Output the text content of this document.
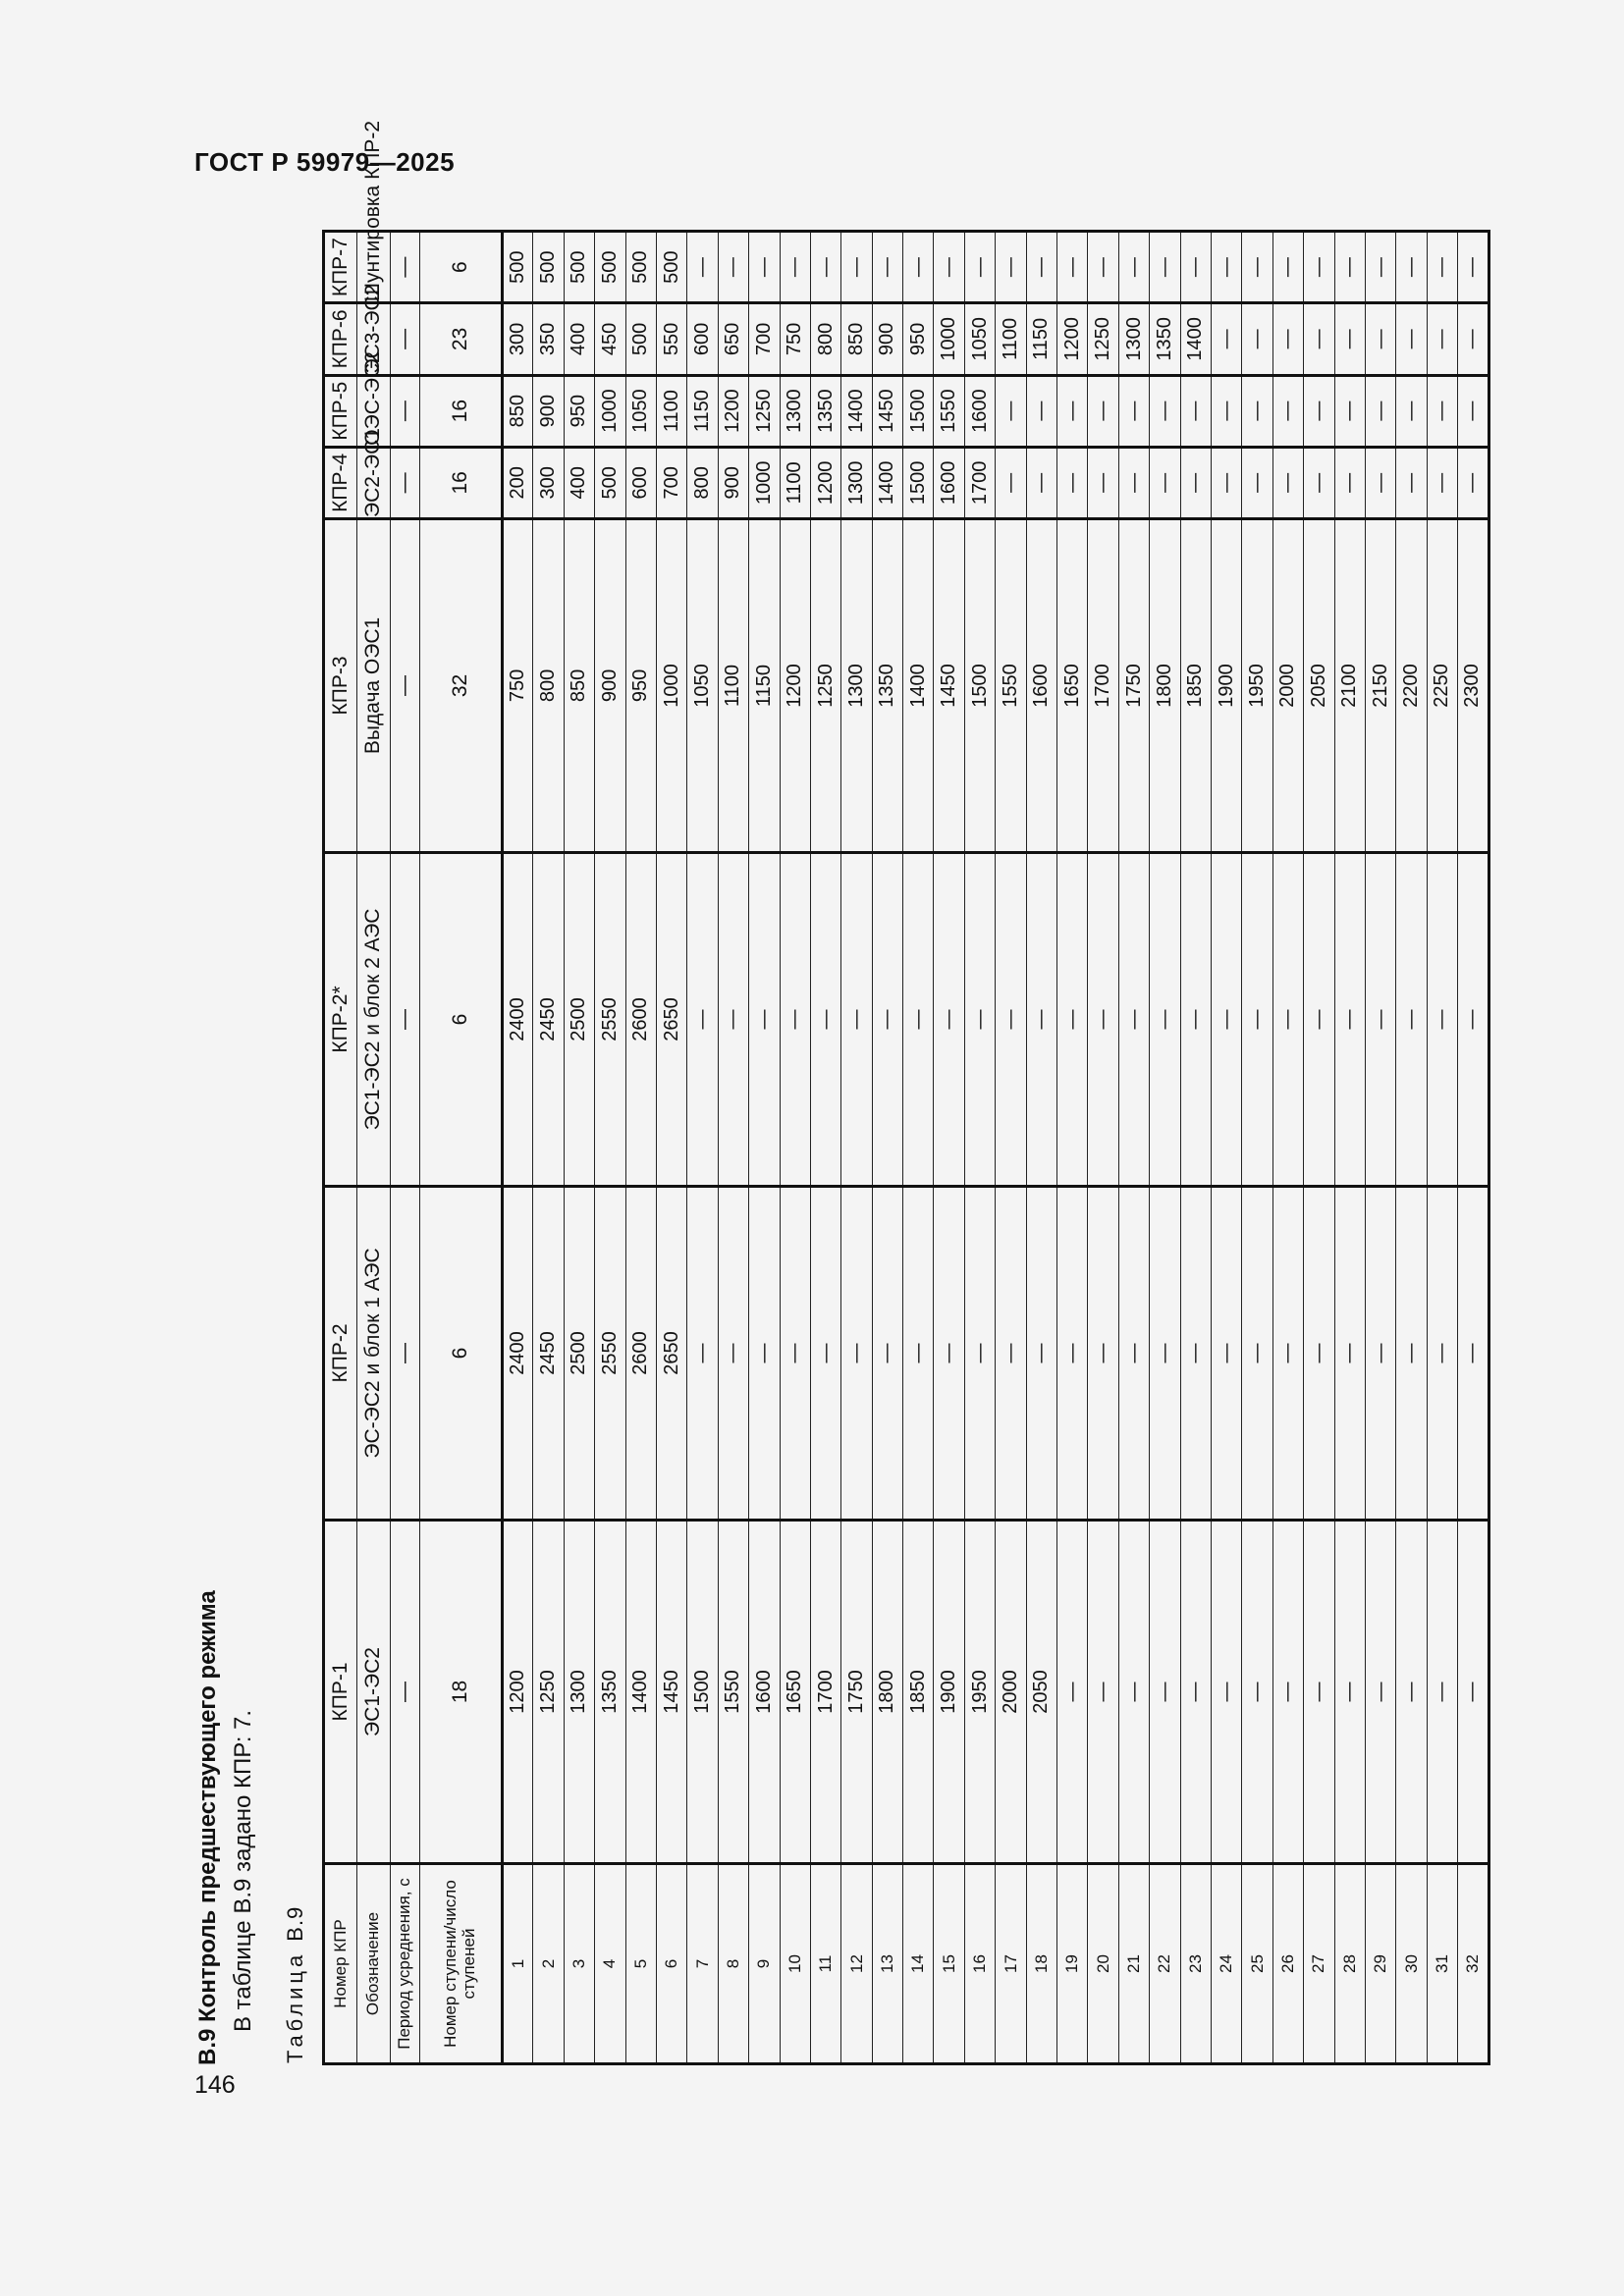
ГОСТ Р 59979—2025
В.9 Контроль предшествующего режима В таблице В.9 задано КПР: 7. ТаблицаВ.9 Номер КПР	КПР-1	КПР-2	КПР-2*	КПР-3	КПР-4	КПР-5	КПР-6	КПР-7
Обозначение	ЭС1-ЭС2	ЭС-ЭС2 и блок 1 АЭС	ЭС1-ЭС2 и блок 2 АЭС	Выдача ОЭС1	ЭС2-ЭС1	ОЭС-ЭС2	ЭС3-ЭС2	Шунтировка КПР-2
Период усреднения, с	—	—	—	—	—	—	—	—
Номер ступени/число ступеней	18	6	6	32	16	16	23	6
1	1200	2400	2400	750	200	850	300	500
2	1250	2450	2450	800	300	900	350	500
3	1300	2500	2500	850	400	950	400	500
4	1350	2550	2550	900	500	1000	450	500
5	1400	2600	2600	950	600	1050	500	500
6	1450	2650	2650	1000	700	1100	550	500
7	1500	—	—	1050	800	1150	600	—
8	1550	—	—	1100	900	1200	650	—
9	1600	—	—	1150	1000	1250	700	—
10	1650	—	—	1200	1100	1300	750	—
11	1700	—	—	1250	1200	1350	800	—
12	1750	—	—	1300	1300	1400	850	—
13	1800	—	—	1350	1400	1450	900	—
14	1850	—	—	1400	1500	1500	950	—
15	1900	—	—	1450	1600	1550	1000	—
16	1950	—	—	1500	1700	1600	1050	—
17	2000	—	—	1550	—	—	1100	—
18	2050	—	—	1600	—	—	1150	—
19	—	—	—	1650	—	—	1200	—
20	—	—	—	1700	—	—	1250	—
21	—	—	—	1750	—	—	1300	—
22	—	—	—	1800	—	—	1350	—
23	—	—	—	1850	—	—	1400	—
24	—	—	—	1900	—	—	—	—
25	—	—	—	1950	—	—	—	—
26	—	—	—	2000	—	—	—	—
27	—	—	—	2050	—	—	—	—
28	—	—	—	2100	—	—	—	—
29	—	—	—	2150	—	—	—	—
30	—	—	—	2200	—	—	—	—
31	—	—	—	2250	—	—	—	—
32	—	—	—	2300	—	—	—	—
146
